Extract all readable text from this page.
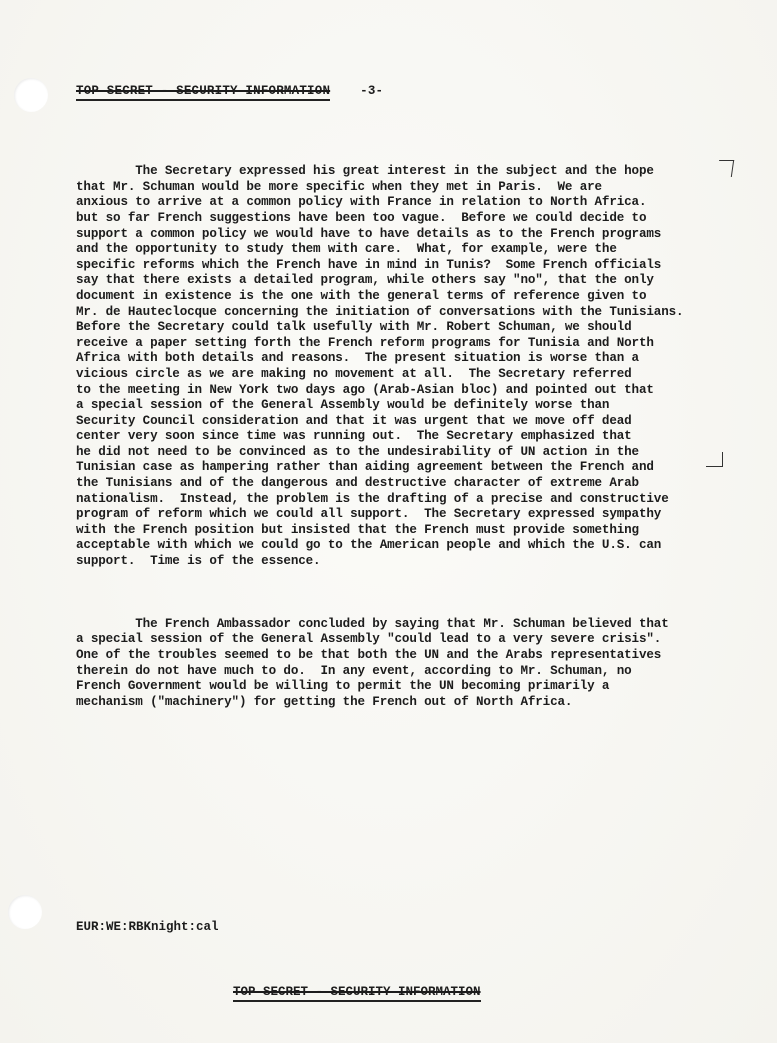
TOP SECRET - SECURITY INFORMATION -3-

The Secretary expressed his great interest in the subject and the hope
that Mr. Schuman would be more specific when they met in Paris.  We are
anxious to arrive at a common policy with France in relation to North Africa.
but so far French suggestions have been too vague.  Before we could decide to
support a common policy we would have to have details as to the French programs
and the opportunity to study them with care.  What, for example, were the
specific reforms which the French have in mind in Tunis?  Some French officials
say that there exists a detailed program, while others say "no", that the only
document in existence is the one with the general terms of reference given to
Mr. de Hauteclocque concerning the initiation of conversations with the Tunisians.
Before the Secretary could talk usefully with Mr. Robert Schuman, we should
receive a paper setting forth the French reform programs for Tunisia and North
Africa with both details and reasons.  The present situation is worse than a
vicious circle as we are making no movement at all.  The Secretary referred
to the meeting in New York two days ago (Arab-Asian bloc) and pointed out that
a special session of the General Assembly would be definitely worse than
Security Council consideration and that it was urgent that we move off dead
center very soon since time was running out.  The Secretary emphasized that
he did not need to be convinced as to the undesirability of UN action in the
Tunisian case as hampering rather than aiding agreement between the French and
the Tunisians and of the dangerous and destructive character of extreme Arab
nationalism.  Instead, the problem is the drafting of a precise and constructive
program of reform which we could all support.  The Secretary expressed sympathy
with the French position but insisted that the French must provide something
acceptable with which we could go to the American people and which the U.S. can
support.  Time is of the essence.

The French Ambassador concluded by saying that Mr. Schuman believed that
a special session of the General Assembly "could lead to a very severe crisis".
One of the troubles seemed to be that both the UN and the Arabs representatives
therein do not have much to do.  In any event, according to Mr. Schuman, no
French Government would be willing to permit the UN becoming primarily a
mechanism ("machinery") for getting the French out of North Africa.

EUR:WE:RBKnight:cal
TOP SECRET - SECURITY INFORMATION
